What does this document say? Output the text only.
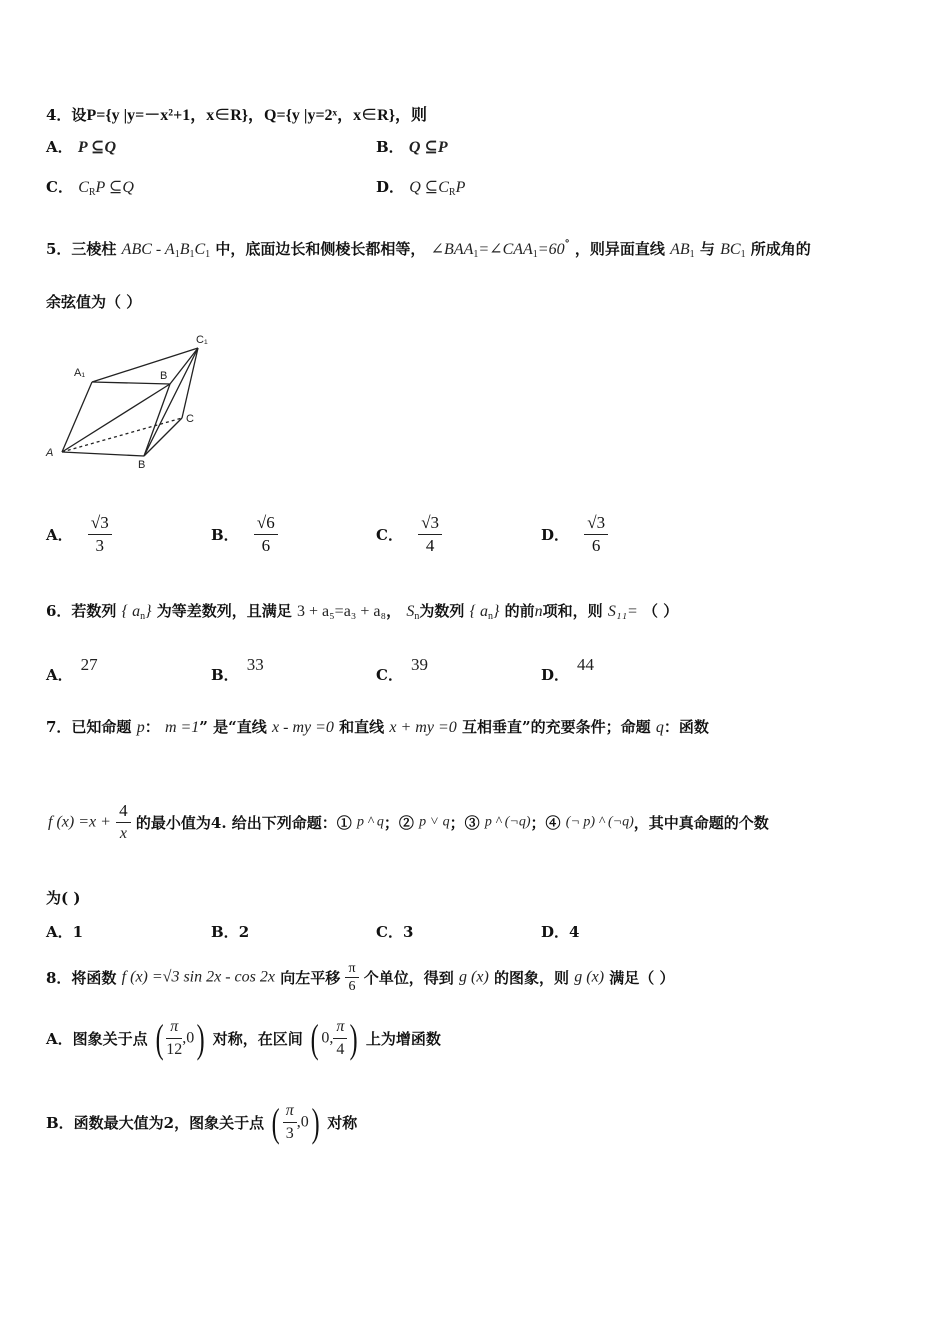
4．设P={y |y=－x²+1，x∈R}，Q={y |y=2ˣ，x∈R}，则
A． P ⊆Q	B． Q ⊆P
C． $C_RP$ ⊆Q	D． Q $⊆C_RP$
5．三棱柱 ABC - $A_1B_1C_1$ 中，底面边长和侧棱长都相等， $\angle BAA_1=\angle CAA_1=60^\circ$ ，则异面直线 $AB_1$ 与 $BC_1$ 所成角的
余弦值为（ ）
A₁	B
C₁
A
B
C
A． $\frac{√3}{3}$	B． $\frac{√6}{6}$	C． $\frac{√3}{4}$	D． $\frac{√3}{6}$
6．若数列 { $a_n$} 为等差数列，且满足 3 + a₅=a₃ + a₈， $S_n$为数列 { $a_n$} 的前n项和，则 S₁₁= （ ）
A．27
B．33
C．39
D．44
7．已知命题 p： m =1” 是“直线 x - my =0 和直线 x + my =0 互相垂直”的充要条件；命题 q：函数
f $(x) =x + \frac{4}{x}$ 的最小值为4. 给出下列命题：① p ^ q；② p ˅ q；③ p ^ (¬q)；④ (¬ p) ^ (¬q)，其中真命题的个数
为( )
A．1	B．2	C．3	D．4
8．将函数 f (x) =√3 sin 2x - cos 2x 向左平移 $\frac{\pi}{6}$ 个单位，得到 g (x) 的图象，则 g (x) 满足（ ）
A．图象关于点 ( $\frac{\pi}{12} ,0$) 对称，在区间 ( 0, $\frac{\pi}{4}$ ) 上为增函数
B．函数最大值为2，图象关于点 ( $\frac{\pi}{3} ,0$) 对称
